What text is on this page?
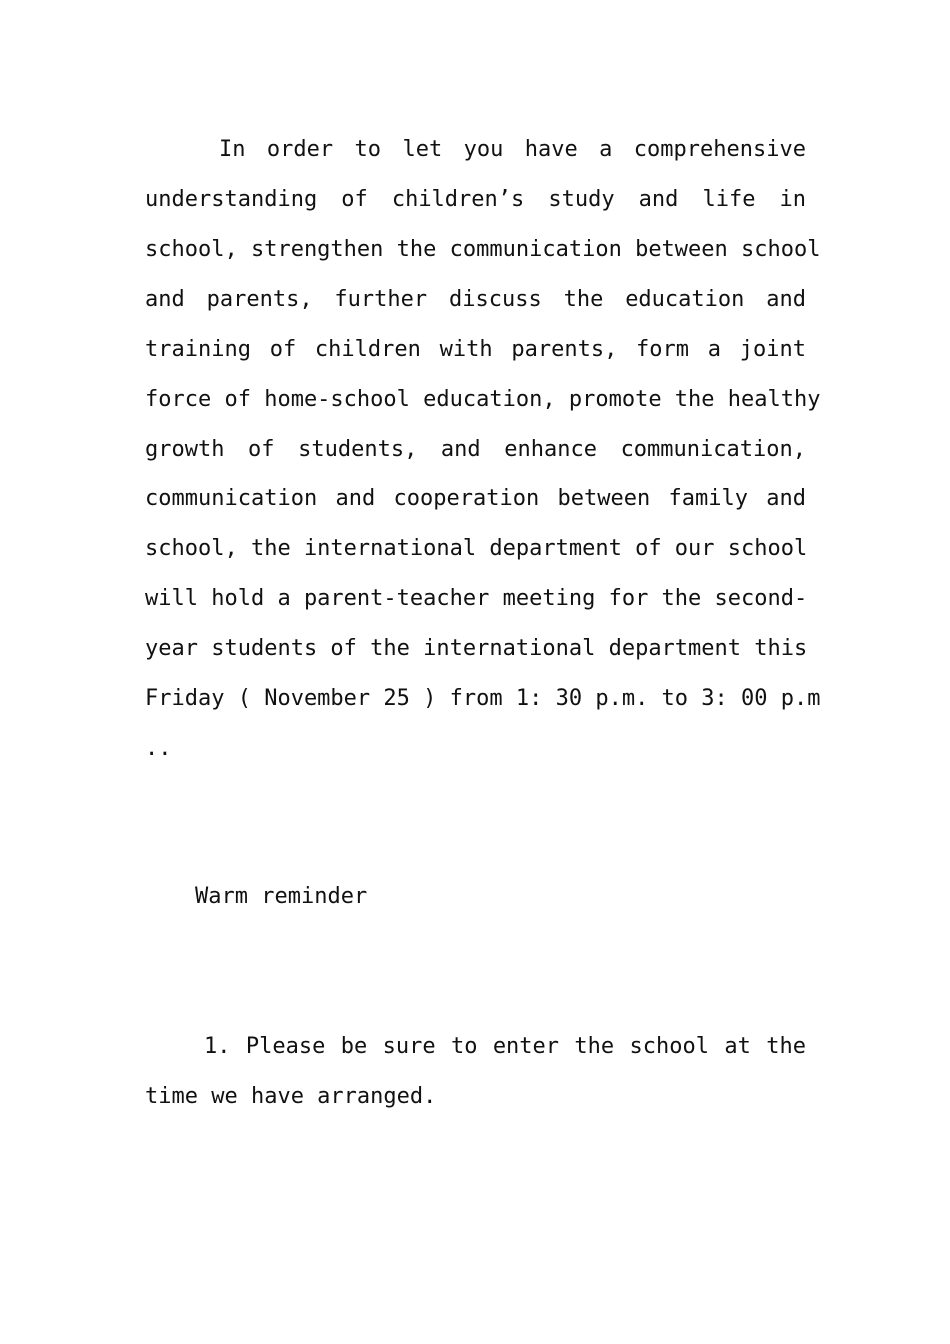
In order to let you have a comprehensive
understanding of children’s study and life in
school, strengthen the communication between school
and parents, further discuss the education and
training of children with parents, form a joint
force of home-school education, promote the healthy
growth of students, and enhance communication,
communication and cooperation between family and
school, the international department of our school
will hold a parent-teacher meeting for the second-
year students of the international department this
Friday ( November 25 ) from 1: 30 p.m. to 3: 00 p.m
..
Warm reminder
1. Please be sure to enter the school at the
time we have arranged.
